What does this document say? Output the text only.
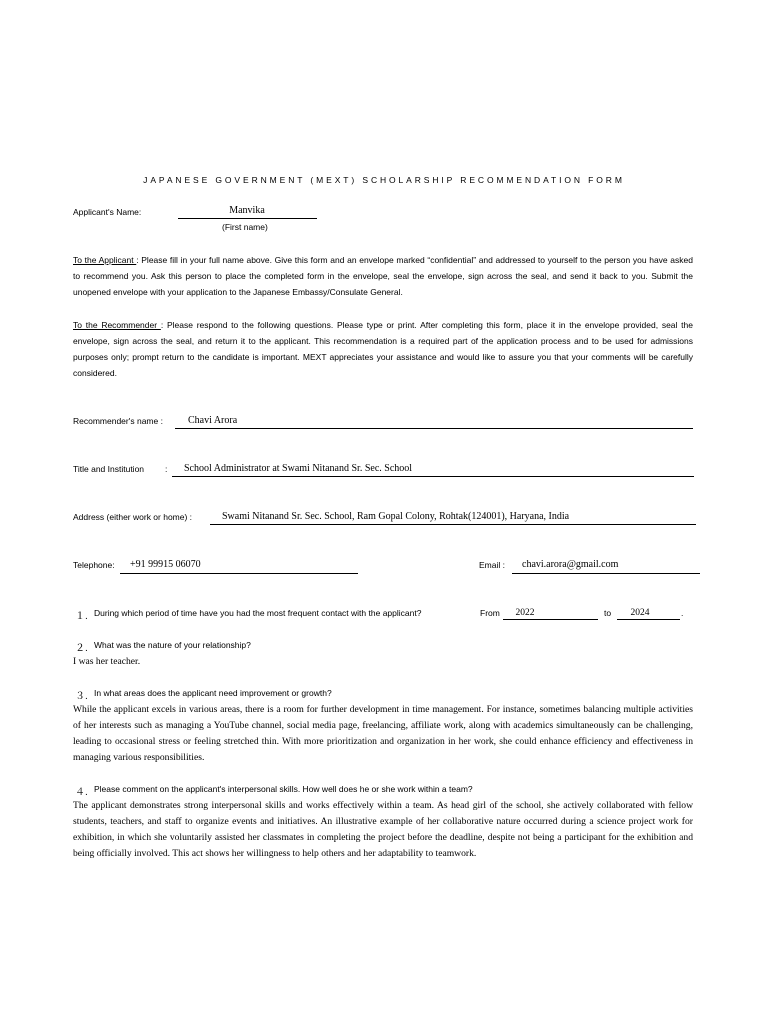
JAPANESE GOVERNMENT (MEXT) SCHOLARSHIP RECOMMENDATION FORM
Applicant's Name:	Manvika
(First name)
To the Applicant : Please fill in your full name above. Give this form and an envelope marked “confidential” and addressed to yourself to the person you have asked to recommend you. Ask this person to place the completed form in the envelope, seal the envelope, sign across the seal, and send it back to you. Submit the unopened envelope with your application to the Japanese Embassy/Consulate General.
To the Recommender : Please respond to the following questions. Please type or print. After completing this form, place it in the envelope provided, seal the envelope, sign across the seal, and return it to the applicant. This recommendation is a required part of the application process and to be used for admissions purposes only; prompt return to the candidate is important. MEXT appreciates your assistance and would like to assure you that your comments will be carefully considered.
Recommender's name :	Chavi Arora
Title and Institution : School Administrator at Swami Nitanand Sr. Sec. School
Address (either work or home) :	Swami Nitanand Sr. Sec. School, Ram Gopal Colony, Rohtak(124001), Haryana, India
Telephone: +91 99915 06070	Email : chavi.arora@gmail.com
１. During which period of time have you had the most frequent contact with the applicant?	From	2022	to	2024	.
２. What was the nature of your relationship?
I was her teacher.
３. In what areas does the applicant need improvement or growth?
While the applicant excels in various areas, there is a room for further development in time management. For instance, sometimes balancing multiple activities of her interests such as managing a YouTube channel, social media page, freelancing, affiliate work, along with academics simultaneously can be challenging, leading to occasional stress or feeling stretched thin. With more prioritization and organization in her work, she could enhance efficiency and effectiveness in managing various responsibilities.
４. Please comment on the applicant's interpersonal skills. How well does he or she work within a team?
The applicant demonstrates strong interpersonal skills and works effectively within a team. As head girl of the school, she actively collaborated with fellow students, teachers, and staff to organize events and initiatives. An illustrative example of her collaborative nature occurred during a science project work for exhibition, in which she voluntarily assisted her classmates in completing the project before the deadline, despite not being a participant for the exhibition and being officially involved. This act shows her willingness to help others and her adaptability to teamwork.
